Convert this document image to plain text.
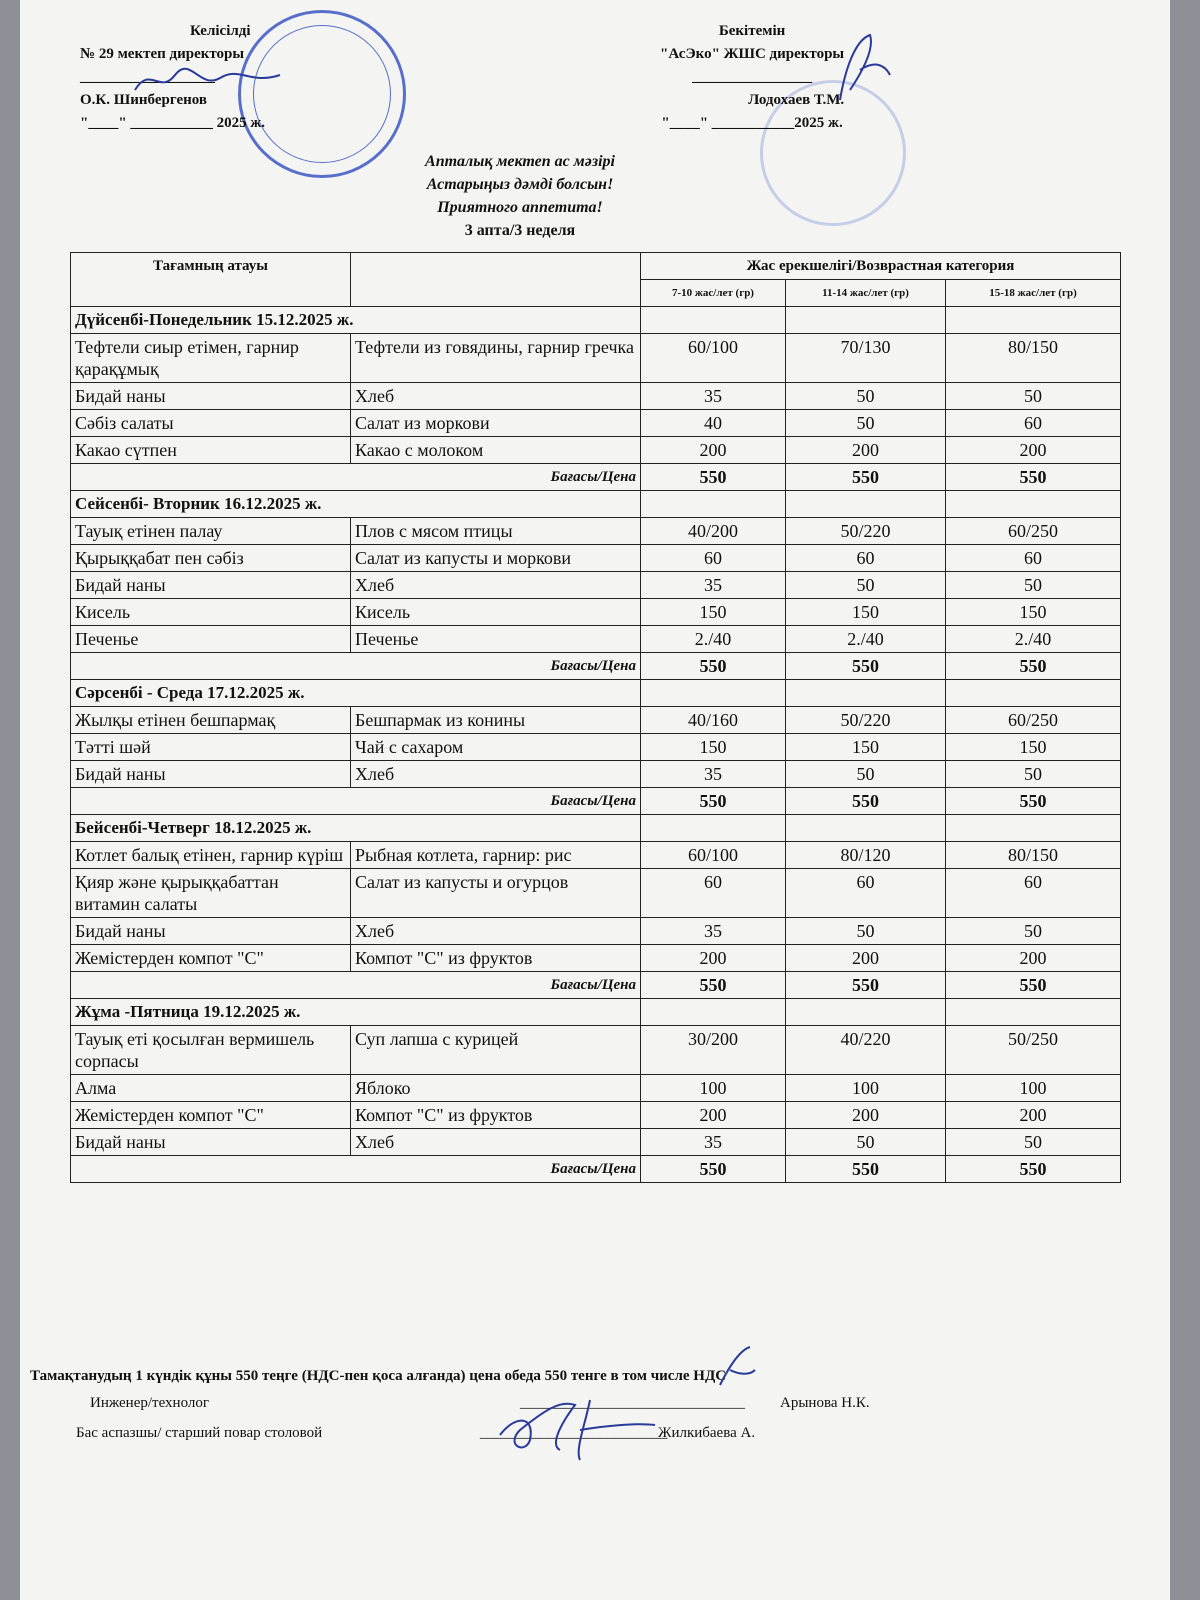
Келісілді
№ 29 мектеп директоры
__________________
О.К. Шинбергенов
"____" ___________ 2025 ж.
Бекітемін
"АсЭко" ЖШС директоры
________________
Лодохаев Т.М.
"____" ___________2025 ж.
Апталық мектеп ас мәзірі
Астарыңыз дәмді болсын!
Приятного аппетита!
3 апта/3 неделя
Тағамның атауы		Жас ерекшелігі/Возврастная категория		
		7-10 жас/лет (гр)	11-14 жас/лет (гр)	15-18 жас/лет (гр)
Дүйсенбі-Понедельник 15.12.2025 ж.				
Тефтели сиыр етімен, гарнир қарақұмық	Тефтели из говядины, гарнир гречка	60/100	70/130	80/150
Бидай наны	Хлеб	35	50	50
Сәбіз салаты	Салат из моркови	40	50	60
Какао сүтпен	Какао с молоком	200	200	200
Бағасы/Цена		550	550	550
Сейсенбі- Вторник 16.12.2025 ж.				
Тауық етінен палау	Плов с мясом птицы	40/200	50/220	60/250
Қырыққабат пен сәбіз	Салат из капусты и моркови	60	60	60
Бидай наны	Хлеб	35	50	50
Кисель	Кисель	150	150	150
Печенье	Печенье	2./40	2./40	2./40
Бағасы/Цена		550	550	550
Сәрсенбі - Среда 17.12.2025 ж.				
Жылқы етінен бешпармақ	Бешпармак из конины	40/160	50/220	60/250
Тәтті шәй	Чай с сахаром	150	150	150
Бидай наны	Хлеб	35	50	50
Бағасы/Цена		550	550	550
Бейсенбі-Четверг 18.12.2025 ж.				
Котлет балық етінен, гарнир күріш	Рыбная котлета, гарнир: рис	60/100	80/120	80/150
Қияр және қырыққабаттан витамин салаты	Салат из капусты и огурцов	60	60	60
Бидай наны	Хлеб	35	50	50
Жемістерден компот "С"	Компот "С" из фруктов	200	200	200
Бағасы/Цена		550	550	550
Жұма -Пятница 19.12.2025 ж.				
Тауық еті қосылған вермишель сорпасы	Суп лапша с курицей	30/200	40/220	50/250
Алма	Яблоко	100	100	100
Жемістерден компот "С"	Компот "С" из фруктов	200	200	200
Бидай наны	Хлеб	35	50	50
Бағасы/Цена		550	550	550
Тамақтанудың 1 күндік құны 550 теңге (НДС-пен қоса алғанда) цена обеда 550 тенге в том числе НДС
Инженер/технолог	______________________________ Арынова Н.К.
Бас аспазшы/ старший повар столовой	_________________________
Жилкибаева А.
